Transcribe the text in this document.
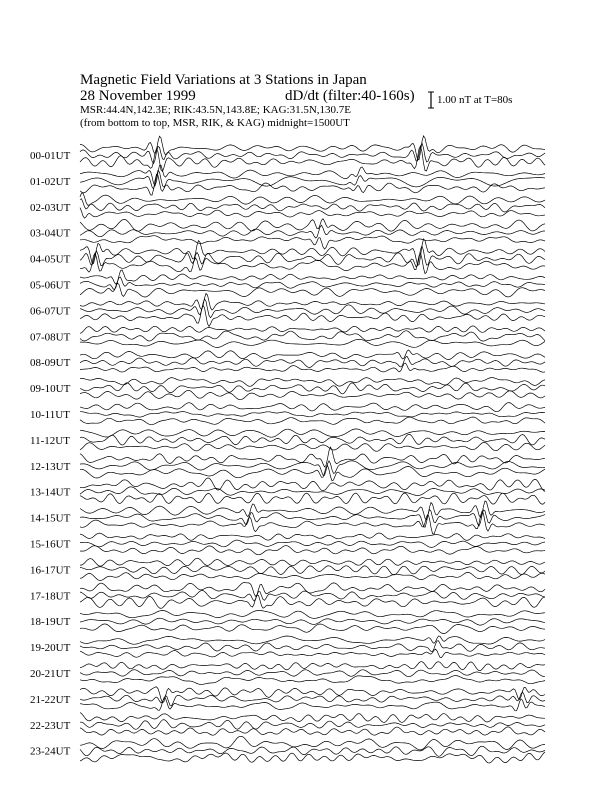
Magnetic Field Variations at 3 Stations in Japan
28 November 1999	dD/dt (filter:40-160s)
MSR:44.4N,142.3E; RIK:43.5N,143.8E; KAG:31.5N,130.7E
(from bottom to top, MSR, RIK, & KAG) midnight=1500UT
1.00 nT at T=80s
00-01UT
01-02UT
02-03UT
03-04UT
04-05UT
05-06UT
06-07UT
07-08UT
08-09UT
09-10UT
10-11UT
11-12UT
12-13UT
13-14UT
14-15UT
15-16UT
16-17UT
17-18UT
18-19UT
19-20UT
20-21UT
21-22UT
22-23UT
23-24UT
